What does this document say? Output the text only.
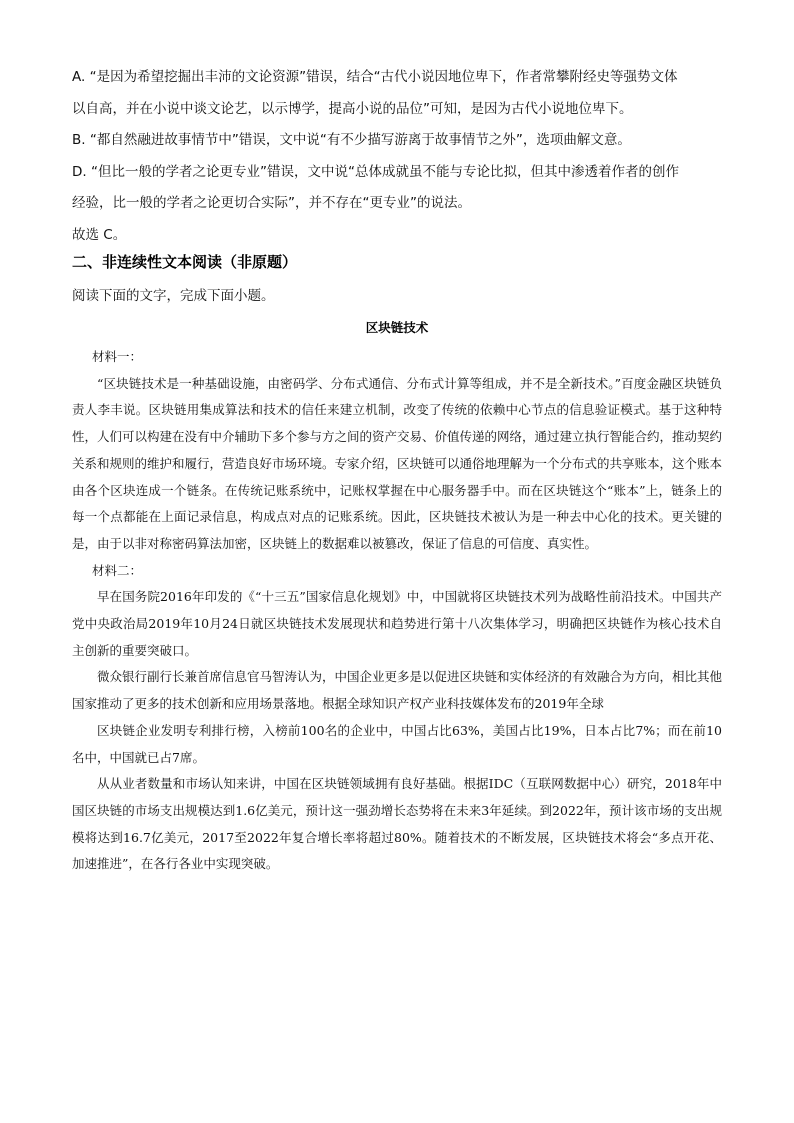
A. “是因为希望挖掘出丰沛的文论资源”错误，结合“古代小说因地位卑下，作者常攀附经史等强势文体

以自高，并在小说中谈文论艺，以示博学，提高小说的品位”可知，是因为古代小说地位卑下。

B. “都自然融进故事情节中”错误，文中说“有不少描写游离于故事情节之外”，选项曲解文意。

D. “但比一般的学者之论更专业”错误，文中说“总体成就虽不能与专论比拟，但其中渗透着作者的创作

经验，比一般的学者之论更切合实际”，并不存在“更专业”的说法。

故选 C。

二、非连续性文本阅读（非原题）
阅读下面的文字，完成下面小题。
区块链技术

材料一：

“区块链技术是一种基础设施，由密码学、分布式通信、分布式计算等组成，并不是全新技术。”百度金融区块链负责人李丰说。区块链用集成算法和技术的信任来建立机制，改变了传统的依赖中心节点的信息验证模式。基于这种特性，人们可以构建在没有中介辅助下多个参与方之间的资产交易、价值传递的网络，通过建立执行智能合约，推动契约关系和规则的维护和履行，营造良好市场环境。专家介绍，区块链可以通俗地理解为一个分布式的共享账本，这个账本由各个区块连成一个链条。在传统记账系统中，记账权掌握在中心服务器手中。而在区块链这个“账本”上，链条上的每一个点都能在上面记录信息，构成点对点的记账系统。因此，区块链技术被认为是一种去中心化的技术。更关键的是，由于以非对称密码算法加密，区块链上的数据难以被篡改，保证了信息的可信度、真实性。

材料二：

早在国务院2016年印发的《“十三五”国家信息化规划》中，中国就将区块链技术列为战略性前沿技术。中国共产党中央政治局2019年10月24日就区块链技术发展现状和趋势进行第十八次集体学习，明确把区块链作为核心技术自主创新的重要突破口。

微众银行副行长兼首席信息官马智涛认为，中国企业更多是以促进区块链和实体经济的有效融合为方向，相比其他国家推动了更多的技术创新和应用场景落地。根据全球知识产权产业科技媒体发布的2019年全球

区块链企业发明专利排行榜，入榜前100名的企业中，中国占比63%，美国占比19%，日本占比7%；而在前10名中，中国就已占7席。

从从业者数量和市场认知来讲，中国在区块链领域拥有良好基础。根据IDC（互联网数据中心）研究，2018年中国区块链的市场支出规模达到1.6亿美元，预计这一强劲增长态势将在未来3年延续。到2022年，预计该市场的支出规模将达到16.7亿美元，2017至2022年复合增长率将超过80%。随着技术的不断发展，区块链技术将会“多点开花、加速推进”，在各行各业中实现突破。
